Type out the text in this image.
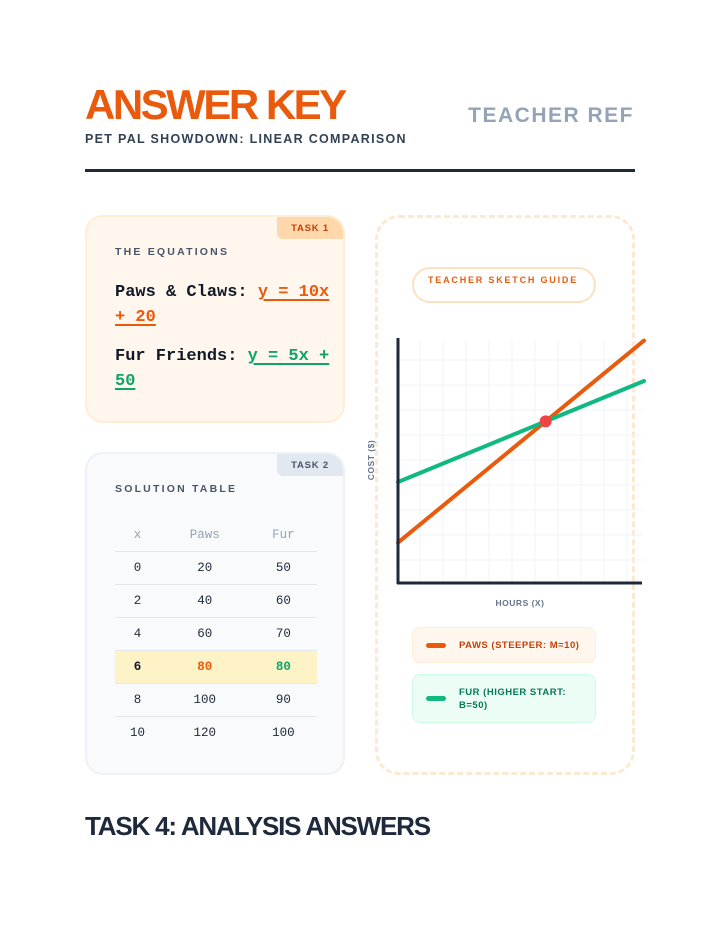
ANSWER KEY
PET PAL SHOWDOWN: LINEAR COMPARISON
TEACHER REF
TASK 1
THE EQUATIONS
Paws & Claws: y = 10x + 20
Fur Friends: y = 5x + 50
TASK 2
SOLUTION TABLE
x	Paws	Fur
0	20	50
2	40	60
4	60	70
6	80	80
8	100	90
10	120	100
TEACHER SKETCH GUIDE
HOURS (X)
COST ($)
PAWS (STEEPER: M=10)
FUR (HIGHER START: B=50)
TASK 4: ANALYSIS ANSWERS
